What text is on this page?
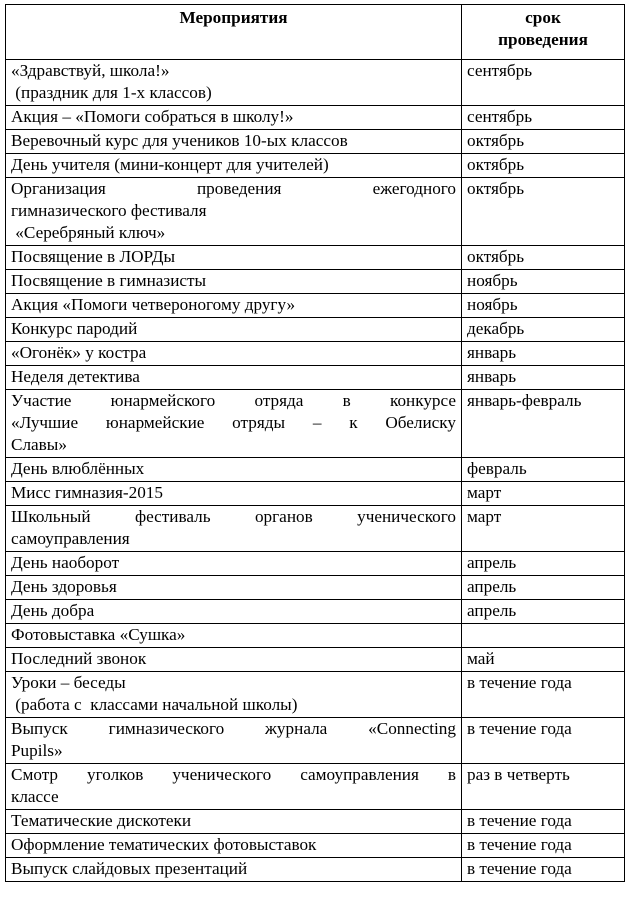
Мероприятия	срок
проведения

«Здравствуй, школа!»
(праздник для 1-х классов)	сентябрь

Акция – «Помоги собраться в школу!»	сентябрь

Веревочный курс для учеников 10-ых классов	октябрь

День учителя (мини-концерт для учителей)	октябрь

Организация проведения ежегодного
гимназического фестиваля
«Серебряный ключ»	октябрь

Посвящение в ЛОРДы	октябрь

Посвящение в гимназисты	ноябрь

Акция «Помоги четвероногому другу»	ноябрь

Конкурс пародий	декабрь

«Огонёк» у костра	январь

Неделя детектива	январь

Участие юнармейского отряда в конкурсе
«Лучшие юнармейские отряды – к Обелиску
Славы»	январь-февраль

День влюблённых	февраль

Мисс гимназия-2015	март

Школьный фестиваль органов ученического
самоуправления	март

День наоборот	апрель

День здоровья	апрель

День добра	апрель

Фотовыставка «Сушка»	

Последний звонок	май

Уроки – беседы
(работа с  классами начальной школы)	в течение года

Выпуск гимназического журнала «Connecting
Pupils»	в течение года

Смотр уголков ученического самоуправления в
классе	раз в четверть

Тематические дискотеки	в течение года

Оформление тематических фотовыставок	в течение года

Выпуск слайдовых презентаций	в течение года
